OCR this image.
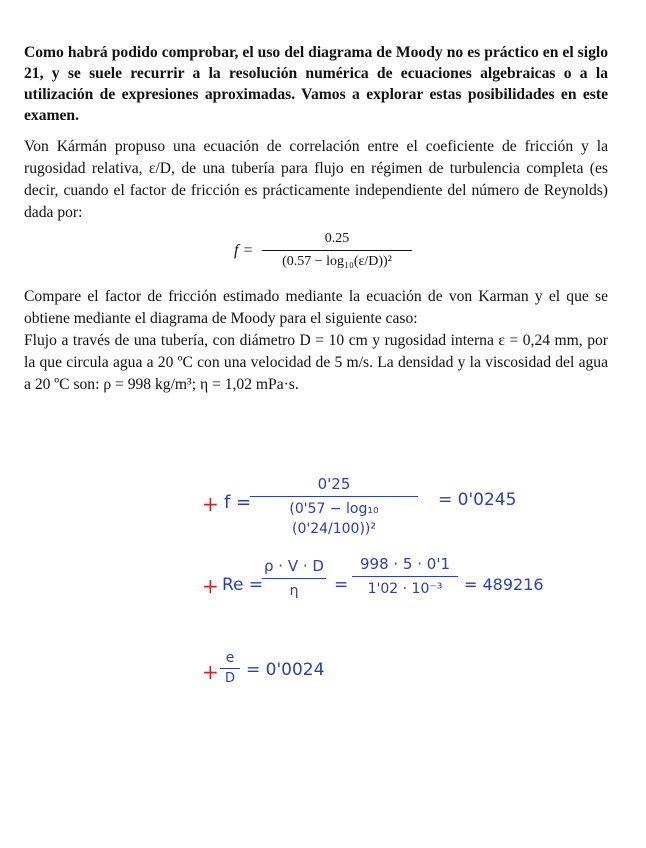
Como habrá podido comprobar, el uso del diagrama de Moody no es práctico en el siglo 21, y se suele recurrir a la resolución numérica de ecuaciones algebraicas o a la utilización de expresiones aproximadas. Vamos a explorar estas posibilidades en este examen.

Von Kármán propuso una ecuación de correlación entre el coeficiente de fricción y la rugosidad relativa, ε/D, de una tubería para flujo en régimen de turbulencia completa (es decir, cuando el factor de fricción es prácticamente independiente del número de Reynolds) dada por:

f =
0.25
(0.57 − log₁₀(ε/D))²

Compare el factor de fricción estimado mediante la ecuación de von Karman y el que se obtiene mediante el diagrama de Moody para el siguiente caso:

Flujo a través de una tubería, con diámetro D = 10 cm y rugosidad interna ε = 0,24 mm, por la que circula agua a 20 ºC con una velocidad de 5 m/s. La densidad y la viscosidad del agua a 20 ºC son: ρ = 998 kg/m³; η = 1,02 mPa·s.

+ f =
0'25
(0'57 − log₁₀ (0'24/100))²
= 0'0245
+ Re =
ρ · V · D
η	=
998 · 5 · 0'1
1'02 · 10⁻³	= 489216
+
e
D = 0'0024
